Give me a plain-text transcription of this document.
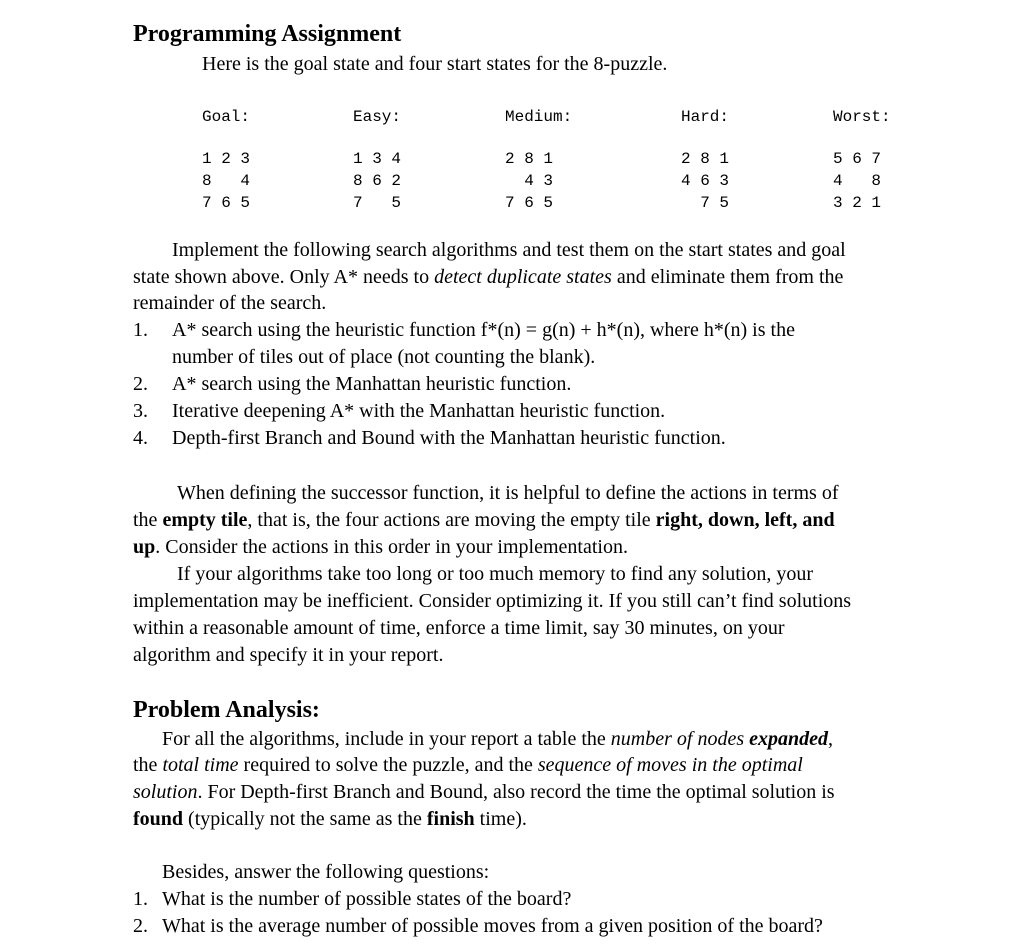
Programming Assignment
Here is the goal state and four start states for the 8-puzzle.
Goal:
1 2 3
8   4
7 6 5
Easy:
1 3 4
8 6 2
7   5
Medium:
2 8 1
4 3
7 6 5
Hard:
2 8 1
4 6 3
7 5
Worst:
5 6 7
4   8
3 2 1
Implement the following search algorithms and test them on the start states and goal
state shown above. Only A* needs to detect duplicate states and eliminate them from the
remainder of the search.
1. A* search using the heuristic function f*(n) = g(n) + h*(n), where h*(n) is the
number of tiles out of place (not counting the blank).
2. A* search using the Manhattan heuristic function.
3. Iterative deepening A* with the Manhattan heuristic function.
4. Depth-first Branch and Bound with the Manhattan heuristic function.
When defining the successor function, it is helpful to define the actions in terms of
the empty tile, that is, the four actions are moving the empty tile right, down, left, and
up. Consider the actions in this order in your implementation.
If your algorithms take too long or too much memory to find any solution, your
implementation may be inefficient. Consider optimizing it. If you still can’t find solutions
within a reasonable amount of time, enforce a time limit, say 30 minutes, on your
algorithm and specify it in your report.
Problem Analysis:
For all the algorithms, include in your report a table the number of nodes expanded,
the total time required to solve the puzzle, and the sequence of moves in the optimal
solution. For Depth-first Branch and Bound, also record the time the optimal solution is
found (typically not the same as the finish time).
Besides, answer the following questions:
1. What is the number of possible states of the board?
2. What is the average number of possible moves from a given position of the board?
